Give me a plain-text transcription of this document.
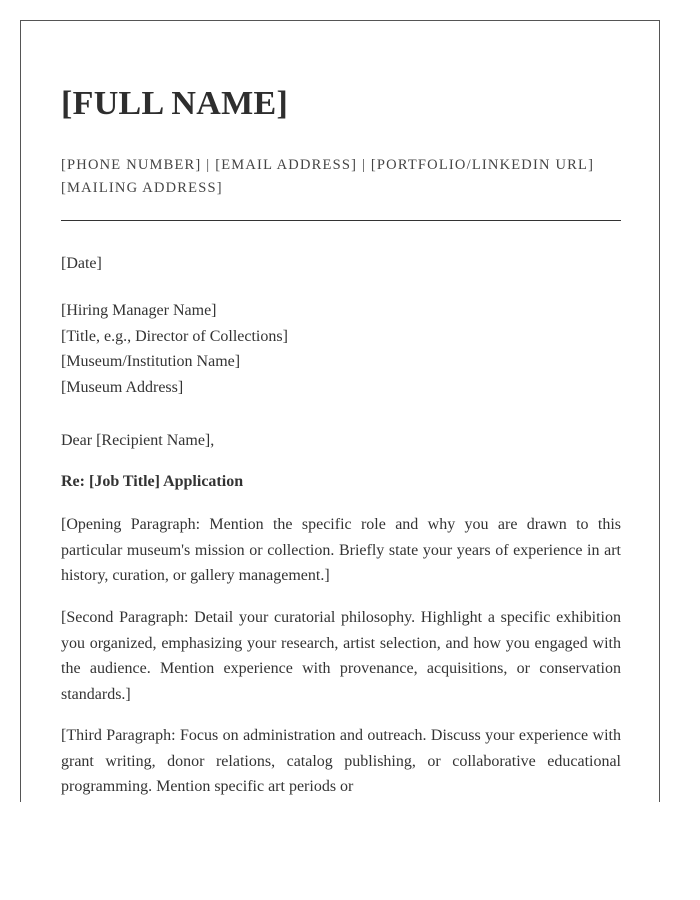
[FULL NAME]
[PHONE NUMBER] | [EMAIL ADDRESS] | [PORTFOLIO/LINKEDIN URL]
[MAILING ADDRESS]
[Date]
[Hiring Manager Name]
[Title, e.g., Director of Collections]
[Museum/Institution Name]
[Museum Address]
Dear [Recipient Name],
Re: [Job Title] Application

[Opening Paragraph: Mention the specific role and why you are drawn to this particular museum's mission or collection. Briefly state your years of experience in art history, curation, or gallery management.]

[Second Paragraph: Detail your curatorial philosophy. Highlight a specific exhibition you organized, emphasizing your research, artist selection, and how you engaged with the audience. Mention experience with provenance, acquisitions, or conservation standards.]

[Third Paragraph: Focus on administration and outreach. Discuss your experience with grant writing, donor relations, catalog publishing, or collaborative educational programming. Mention specific art periods or
